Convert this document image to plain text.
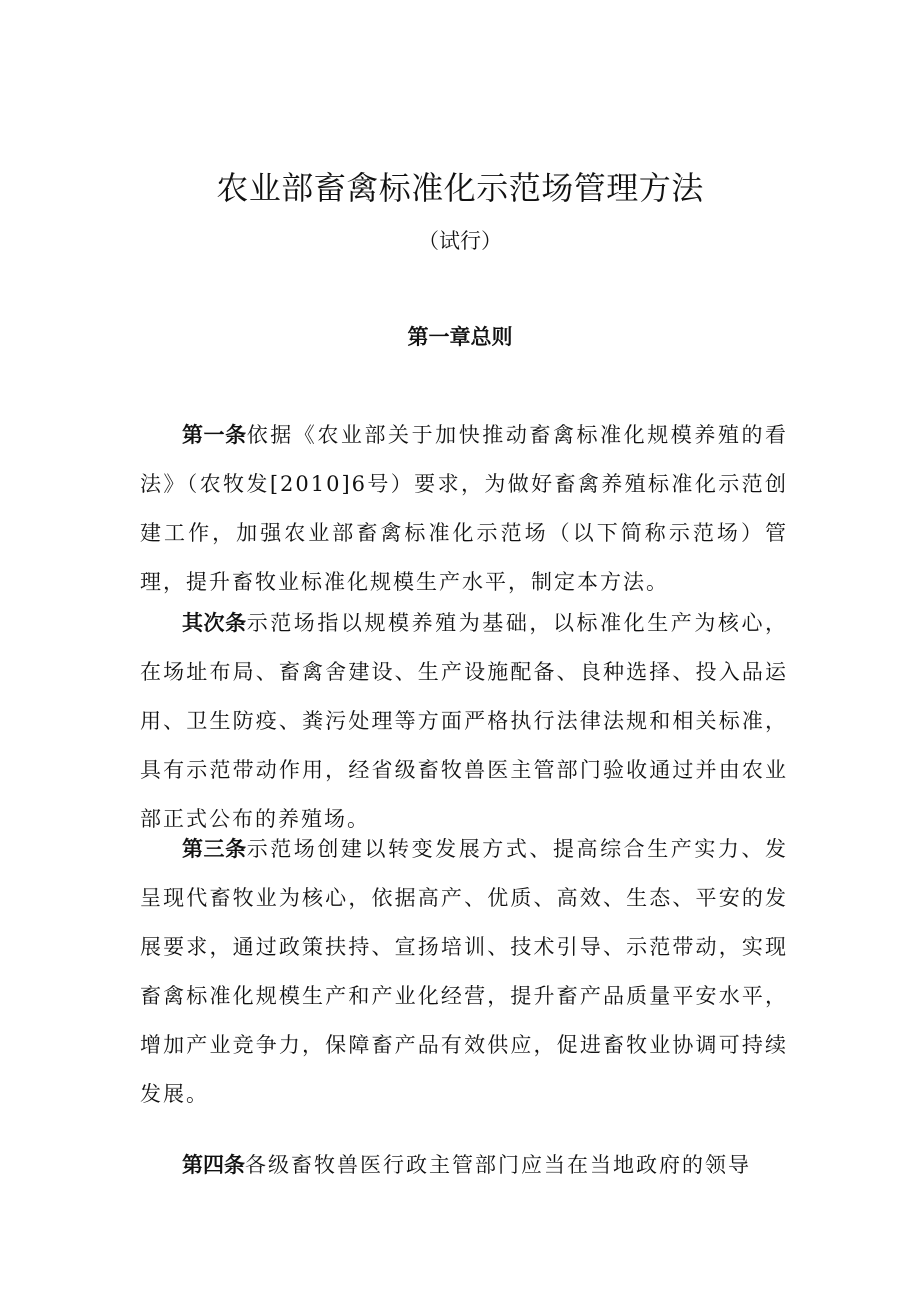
农业部畜禽标准化示范场管理方法

（试行）

第一章总则

第一条依据《农业部关于加快推动畜禽标准化规模养殖的看法》（农牧发[2010]6号）要求，为做好畜禽养殖标准化示范创建工作，加强农业部畜禽标准化示范场（以下简称示范场）管理，提升畜牧业标准化规模生产水平，制定本方法。

其次条示范场指以规模养殖为基础，以标准化生产为核心，在场址布局、畜禽舍建设、生产设施配备、良种选择、投入品运用、卫生防疫、粪污处理等方面严格执行法律法规和相关标准，具有示范带动作用，经省级畜牧兽医主管部门验收通过并由农业部正式公布的养殖场。

第三条示范场创建以转变发展方式、提高综合生产实力、发呈现代畜牧业为核心，依据高产、优质、高效、生态、平安的发展要求，通过政策扶持、宣扬培训、技术引导、示范带动，实现畜禽标准化规模生产和产业化经营，提升畜产品质量平安水平，增加产业竞争力，保障畜产品有效供应，促进畜牧业协调可持续发展。

第四条各级畜牧兽医行政主管部门应当在当地政府的领导
